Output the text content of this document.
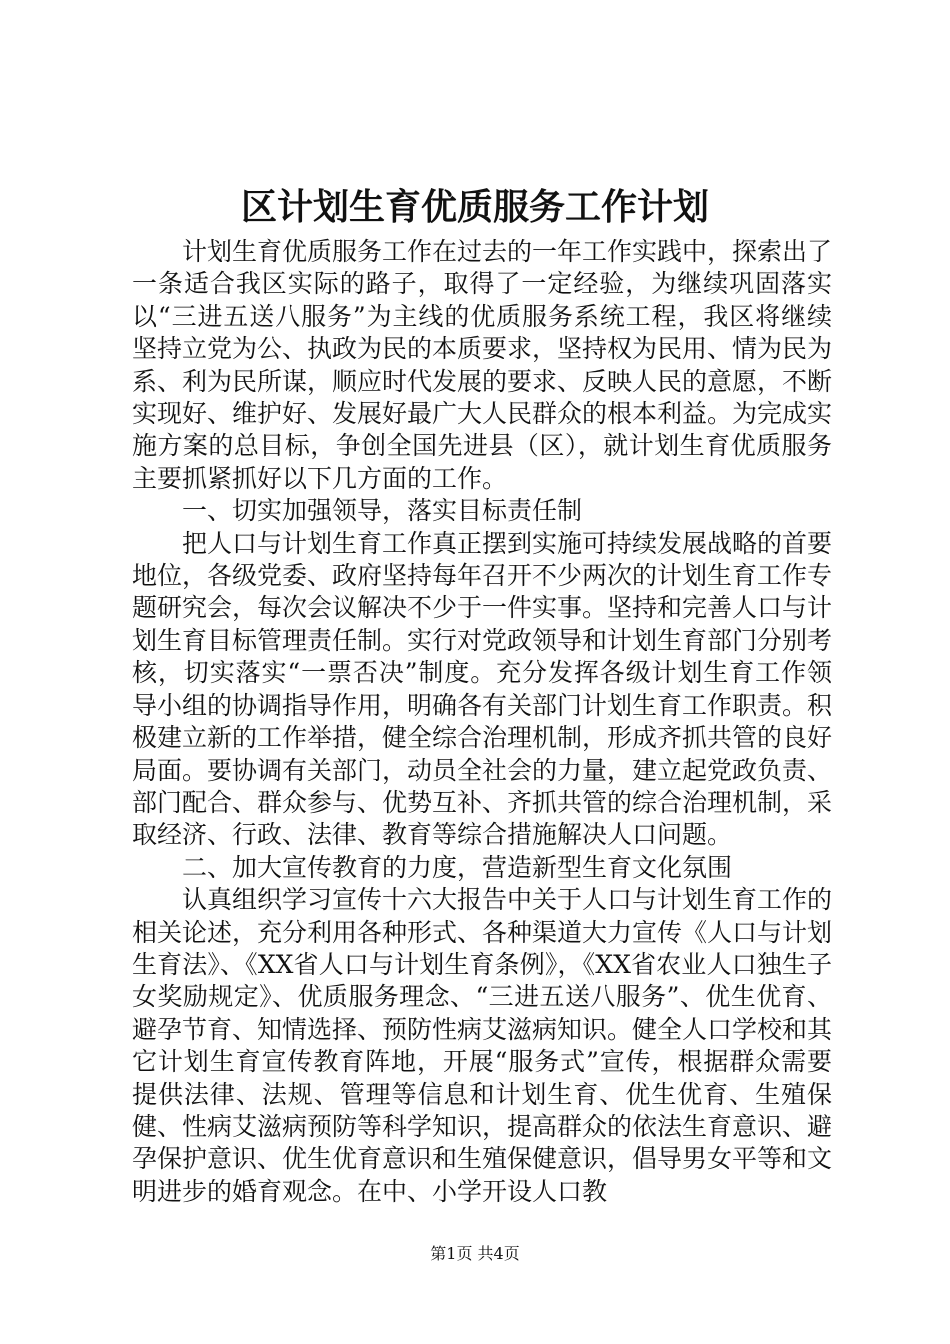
区计划生育优质服务工作计划

计划生育优质服务工作在过去的一年工作实践中，探索出了一条适合我区实际的路子，取得了一定经验，为继续巩固落实以“三进五送八服务”为主线的优质服务系统工程，我区将继续坚持立党为公、执政为民的本质要求，坚持权为民用、情为民为系、利为民所谋，顺应时代发展的要求、反映人民的意愿，不断实现好、维护好、发展好最广大人民群众的根本利益。为完成实施方案的总目标，争创全国先进县（区），就计划生育优质服务主要抓紧抓好以下几方面的工作。

一、切实加强领导，落实目标责任制

把人口与计划生育工作真正摆到实施可持续发展战略的首要地位，各级党委、政府坚持每年召开不少两次的计划生育工作专题研究会，每次会议解决不少于一件实事。坚持和完善人口与计划生育目标管理责任制。实行对党政领导和计划生育部门分别考核，切实落实“一票否决”制度。充分发挥各级计划生育工作领导小组的协调指导作用，明确各有关部门计划生育工作职责。积极建立新的工作举措，健全综合治理机制，形成齐抓共管的良好局面。要协调有关部门，动员全社会的力量，建立起党政负责、部门配合、群众参与、优势互补、齐抓共管的综合治理机制，采取经济、行政、法律、教育等综合措施解决人口问题。

二、加大宣传教育的力度，营造新型生育文化氛围

认真组织学习宣传十六大报告中关于人口与计划生育工作的相关论述，充分利用各种形式、各种渠道大力宣传《人口与计划生育法》、《XX省人口与计划生育条例》，《XX省农业人口独生子女奖励规定》、优质服务理念、“三进五送八服务”、优生优育、避孕节育、知情选择、预防性病艾滋病知识。健全人口学校和其它计划生育宣传教育阵地，开展“服务式”宣传，根据群众需要提供法律、法规、管理等信息和计划生育、优生优育、生殖保健、性病艾滋病预防等科学知识，提高群众的依法生育意识、避孕保护意识、优生优育意识和生殖保健意识，倡导男女平等和文明进步的婚育观念。在中、小学开设人口教

第1页 共4页
